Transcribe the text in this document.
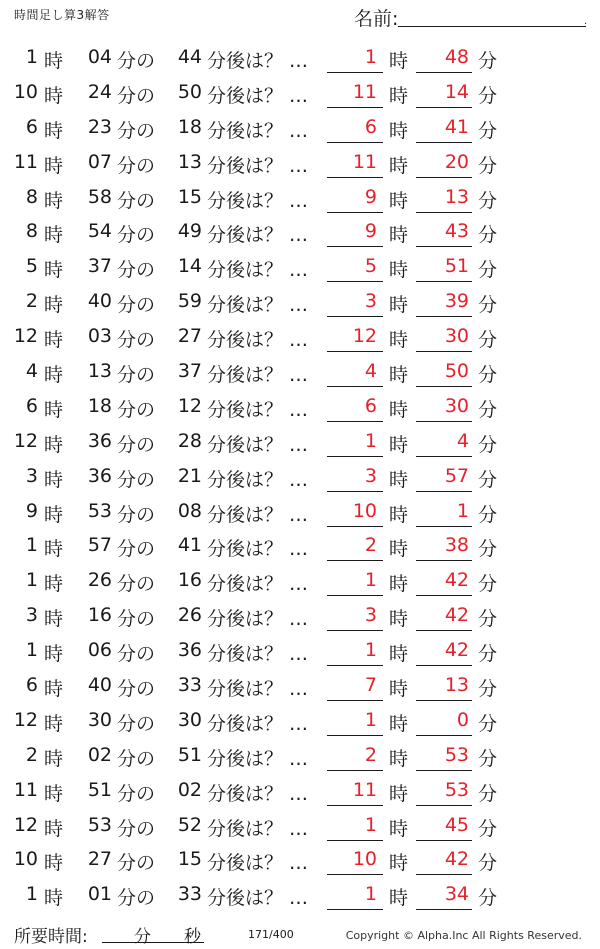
時間足し算3解答	名前:	.
1 時	04 分の	44 分後は？ …	1 時	48 分
10 時	24 分の	50 分後は？ …	11 時	14 分
6 時	23 分の	18 分後は？ …	6 時	41 分
11 時	07 分の	13 分後は？ …	11 時	20 分
8 時	58 分の	15 分後は？ …	9 時	13 分
8 時	54 分の	49 分後は？ …	9 時	43 分
5 時	37 分の	14 分後は？ …	5 時	51 分
2 時	40 分の	59 分後は？ …	3 時	39 分
12 時	03 分の	27 分後は？ …	12 時	30 分
4 時	13 分の	37 分後は？ …	4 時	50 分
6 時	18 分の	12 分後は？ …	6 時	30 分
12 時	36 分の	28 分後は？ …	1 時	4 分
3 時	36 分の	21 分後は？ …	3 時	57 分
9 時	53 分の	08 分後は？ …	10 時	1 分
1 時	57 分の	41 分後は？ …	2 時	38 分
1 時	26 分の	16 分後は？ …	1 時	42 分
3 時	16 分の	26 分後は？ …	3 時	42 分
1 時	06 分の	36 分後は？ …	1 時	42 分
6 時	40 分の	33 分後は？ …	7 時	13 分
12 時	30 分の	30 分後は？ …	1 時	0 分
2 時	02 分の	51 分後は？ …	2 時	53 分
11 時	51 分の	02 分後は？ …	11 時	53 分
12 時	53 分の	52 分後は？ …	1 時	45 分
10 時	27 分の	15 分後は？ …	10 時	42 分
1 時	01 分の	33 分後は？ …	1 時	34 分
所要時間:	分 秒	171/400	Copyright © Alpha.Inc All Rights Reserved.
